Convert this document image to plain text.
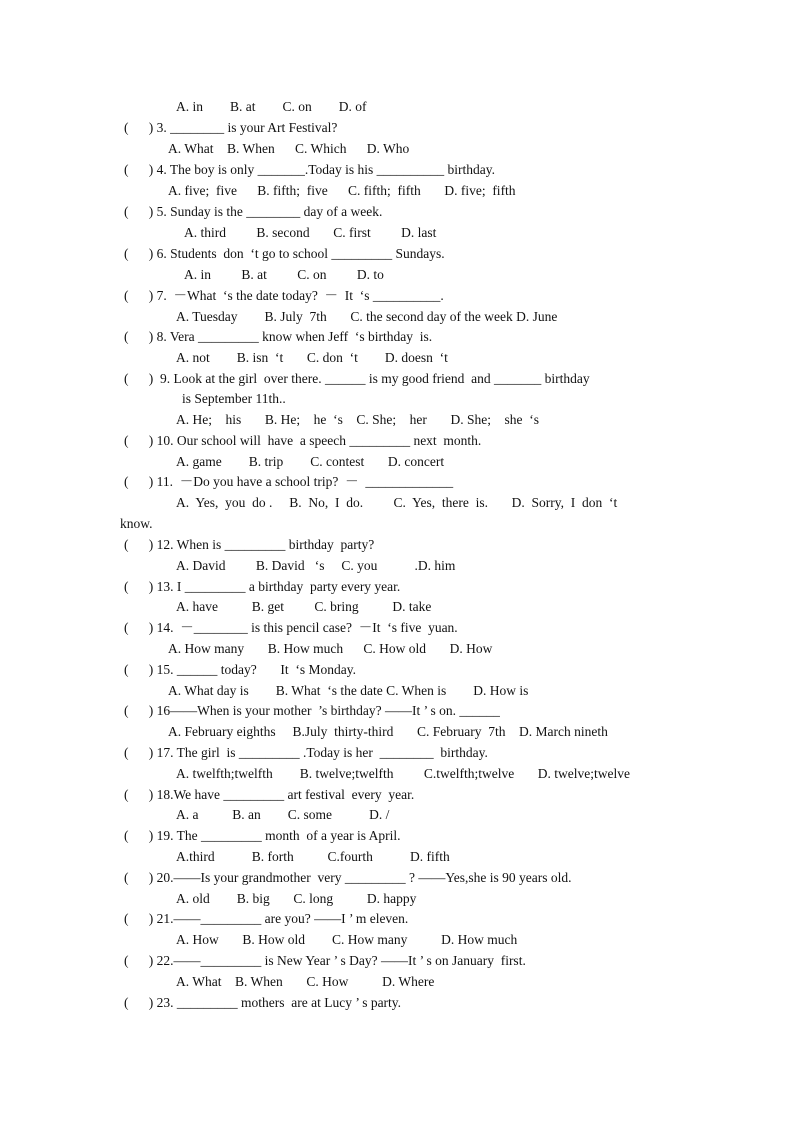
A. in        B. at        C. on        D. of
(      ) 3. ________ is your Art Festival?
A. What    B. When      C. Which      D. Who
(      ) 4. The boy is only _______.Today is his __________ birthday.
A. five;  five      B. fifth;  five      C. fifth;  fifth       D. five;  fifth
(      ) 5. Sunday is the ________ day of a week.
A. third         B. second       C. first         D. last
(      ) 6. Students  don  ‘t go to school _________ Sundays.
A. in         B. at         C. on         D. to
(      ) 7.  －What  ‘s the date today?  －  It  ‘s __________.
A. Tuesday        B. July  7th       C. the second day of the week D. June
(      ) 8. Vera _________ know when Jeff  ‘s birthday  is.
A. not        B. isn  ‘t       C. don  ‘t        D. doesn  ‘t
(      )  9. Look at the girl  over there. ______ is my good friend  and _______ birthday
is September 11th..
A. He;    his       B. He;    he  ‘s    C. She;    her       D. She;    she  ‘s
(      ) 10. Our school will  have  a speech _________ next  month.
A. game        B. trip        C. contest       D. concert
(      ) 11.  －Do you have a school trip?  －  _____________
A.  Yes,  you  do .     B.  No,  I  do.         C.  Yes,  there  is.       D.  Sorry,  I  don  ‘t
know.
(      ) 12. When is _________ birthday  party?
A. David         B. David   ‘s     C. you           .D. him
(      ) 13. I _________ a birthday  party every year.
A. have          B. get         C. bring          D. take
(      ) 14.  －________ is this pencil case?  －It  ‘s five  yuan.
A. How many       B. How much      C. How old       D. How
(      ) 15. ______ today?       It  ‘s Monday.
A. What day is        B. What  ‘s the date C. When is        D. How is
(      ) 16——When is your mother  ’s birthday? ——It ’ s on. ______
A. February eighths     B.July  thirty-third       C. February  7th    D. March nineth
(      ) 17. The girl  is _________ .Today is her  ________  birthday.
A. twelfth;twelfth        B. twelve;twelfth         C.twelfth;twelve       D. twelve;twelve
(      ) 18.We have _________ art festival  every  year.
A. a          B. an        C. some           D. /
(      ) 19. The _________ month  of a year is April.
A.third           B. forth          C.fourth           D. fifth
(      ) 20.——Is your grandmother  very _________ ? ——Yes,she is 90 years old.
A. old        B. big       C. long          D. happy
(      ) 21.——_________ are you? ——I ’ m eleven.
A. How       B. How old        C. How many          D. How much
(      ) 22.——_________ is New Year ’ s Day? ——It ’ s on January  first.
A. What    B. When       C. How          D. Where
(      ) 23. _________ mothers  are at Lucy ’ s party.
